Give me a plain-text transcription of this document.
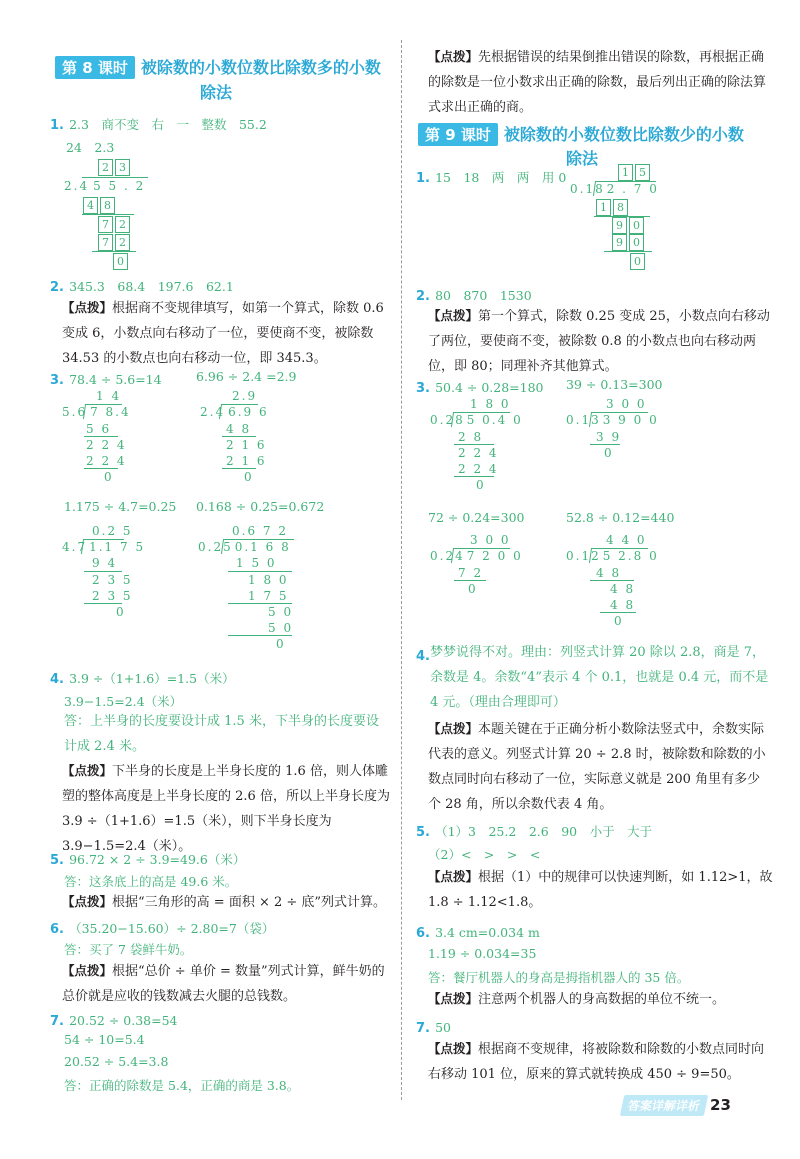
第 8 课时 被除数的小数位数比除数多的小数
除法
1. 2.3　商不变　右　一　整数　55.2
24　2.3
2 3
2.4 5 5 . 2
4 8
7 2
7 2
0
2. 345.3　68.4　197.6　62.1
【点拨】根据商不变规律填写，如第一个算式，除数 0.6 变成 6，小数点向右移动了一位，要使商不变，被除数 34.53 的小数点也向右移动一位，即 345.3。
3. 78.4 ÷ 5.6=14	6.96 ÷ 2.4 =2.9
1 4
5.6 7 8.4
5 6
2 2 4
2 2 4
0
2.9
2.4 6.9 6
4 8
2 1 6
2 1 6
0
1.175 ÷ 4.7=0.25 0.168 ÷ 0.25=0.672
0.2 5
4.7 1.1 7 5
9 4
2 3 5
2 3 5
0
0.6 7 2
0.25 0.1 6 8
1 5 0
1 8 0
1 7 5
5 0
5 0
0
4. 3.9 ÷（1+1.6）=1.5（米）
3.9−1.5=2.4（米）
答：上半身的长度要设计成 1.5 米，下半身的长度要设计成 2.4 米。
【点拨】下半身的长度是上半身长度的 1.6 倍，则人体雕塑的整体高度是上半身长度的 2.6 倍，所以上半身长度为 3.9 ÷（1+1.6）=1.5（米），则下半身长度为 3.9−1.5=2.4（米）。
5. 96.72 × 2 ÷ 3.9=49.6（米）
答：这条底上的高是 49.6 米。
【点拨】根据“三角形的高 = 面积 × 2 ÷ 底”列式计算。
6. （35.20−15.60）÷ 2.80=7（袋）
答：买了 7 袋鲜牛奶。
【点拨】根据“总价 ÷ 单价 = 数量”列式计算，鲜牛奶的总价就是应收的钱数减去火腿的总钱数。
7. 20.52 ÷ 0.38=54
54 ÷ 10=5.4
20.52 ÷ 5.4=3.8
答：正确的除数是 5.4，正确的商是 3.8。
【点拨】先根据错误的结果倒推出错误的除数，再根据正确的除数是一位小数求出正确的除数，最后列出正确的除法算式求出正确的商。
第 9 课时 被除数的小数位数比除数少的小数
除法
1. 15　18　两　两　用 0	1 5
0.18 2 . 7 0
1 8
9 0
9 0
0
2. 80　870　1530
【点拨】第一个算式，除数 0.25 变成 25，小数点向右移动了两位，要使商不变，被除数 0.8 的小数点也向右移动两位，即 80；同理补齐其他算式。
3. 50.4 ÷ 0.28=180 39 ÷ 0.13=300
1 8 0
0.28 5 0.4 0
2 8
2 2 4
2 2 4
0
3 0 0
0.13 3 9 0 0
3 9
0
72 ÷ 0.24=300	52.8 ÷ 0.12=440
3 0 0
0.24 7 2 0 0
7 2
0
4 4 0
0.12 5 2.8 0
4 8
4 8
4 8
0
4. 梦梦说得不对。理由：列竖式计算 20 除以 2.8，商是 7，余数是 4。余数“4”表示 4 个 0.1，也就是 0.4 元，而不是 4 元。（理由合理即可）
【点拨】本题关键在于正确分析小数除法竖式中，余数实际代表的意义。列竖式计算 20 ÷ 2.8 时，被除数和除数的小数点同时向右移动了一位，实际意义就是 200 角里有多少个 28 角，所以余数代表 4 角。
5. （1）3　25.2　2.6　90　小于　大于
（2）<　>　>　<
【点拨】根据（1）中的规律可以快速判断，如 1.12>1，故 1.8 ÷ 1.12<1.8。
6. 3.4 cm=0.034 m
1.19 ÷ 0.034=35
答：餐厅机器人的身高是拇指机器人的 35 倍。
【点拨】注意两个机器人的身高数据的单位不统一。
7. 50
【点拨】根据商不变规律，将被除数和除数的小数点同时向右移动 101 位，原来的算式就转换成 450 ÷ 9=50。
答案详解详析 23
